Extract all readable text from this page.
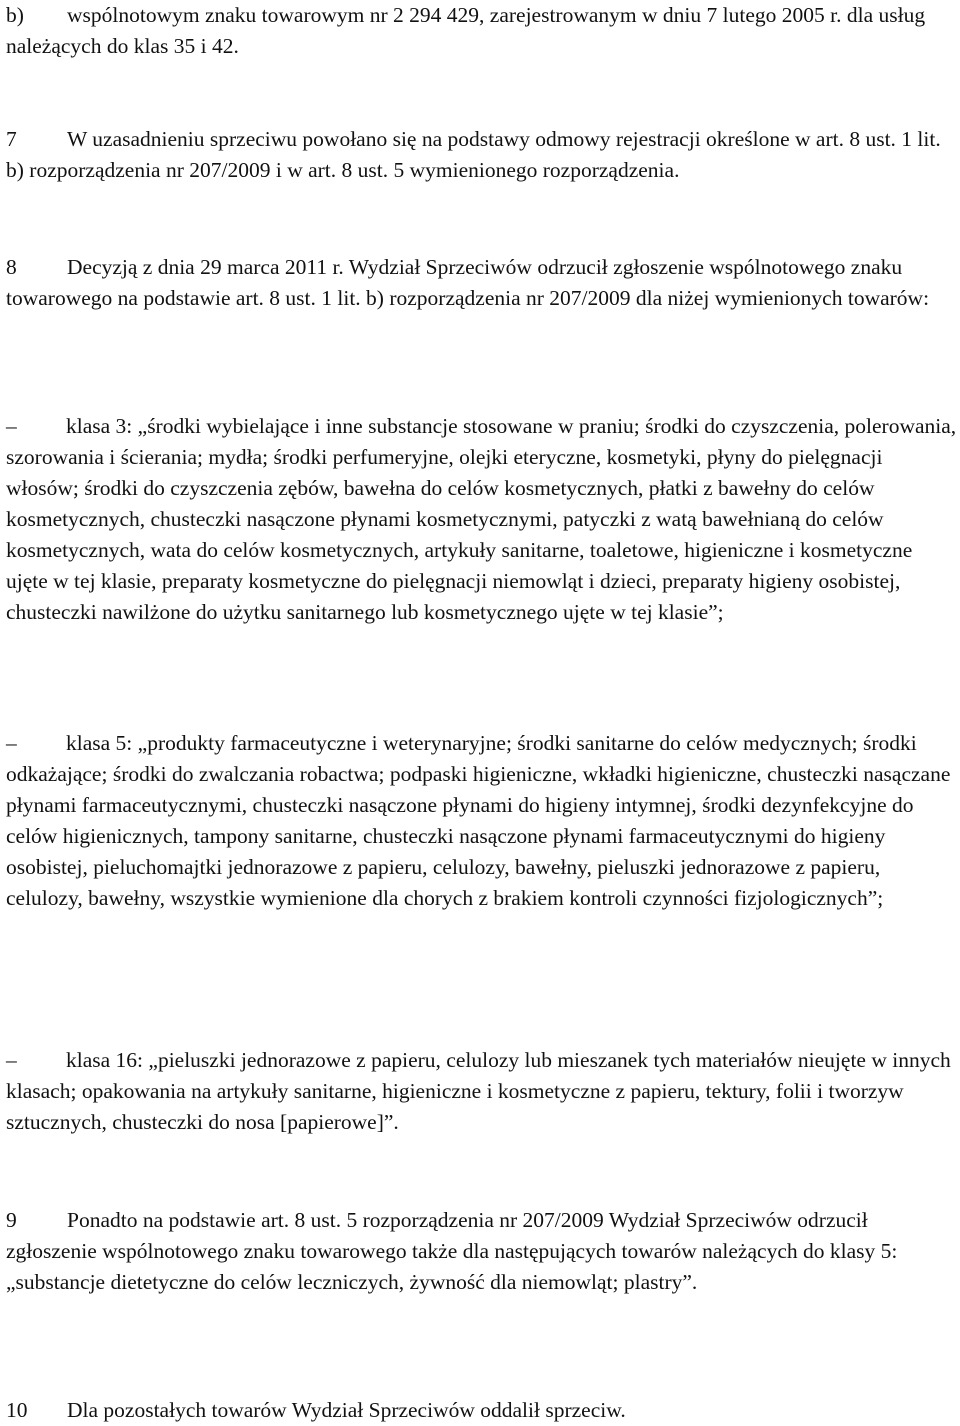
b) wspólnotowym znaku towarowym nr 2 294 429, zarejestrowanym w dniu 7 lutego 2005 r. dla usług należących do klas 35 i 42.

7 W uzasadnieniu sprzeciwu powołano się na podstawy odmowy rejestracji określone w art. 8 ust. 1 lit. b) rozporządzenia nr 207/2009 i w art. 8 ust. 5 wymienionego rozporządzenia.

8 Decyzją z dnia 29 marca 2011 r. Wydział Sprzeciwów odrzucił zgłoszenie wspólnotowego znaku towarowego na podstawie art. 8 ust. 1 lit. b) rozporządzenia nr 207/2009 dla niżej wymienionych towarów:

– klasa 3: „środki wybielające i inne substancje stosowane w praniu; środki do czyszczenia, polerowania, szorowania i ścierania; mydła; środki perfumeryjne, olejki eteryczne, kosmetyki, płyny do pielęgnacji włosów; środki do czyszczenia zębów, bawełna do celów kosmetycznych, płatki z bawełny do celów kosmetycznych, chusteczki nasączone płynami kosmetycznymi, patyczki z watą bawełnianą do celów kosmetycznych, wata do celów kosmetycznych, artykuły sanitarne, toaletowe, higieniczne i kosmetyczne ujęte w tej klasie, preparaty kosmetyczne do pielęgnacji niemowląt i dzieci, preparaty higieny osobistej, chusteczki nawilżone do użytku sanitarnego lub kosmetycznego ujęte w tej klasie”;

– klasa 5: „produkty farmaceutyczne i weterynaryjne; środki sanitarne do celów medycznych; środki odkażające; środki do zwalczania robactwa; podpaski higieniczne, wkładki higieniczne, chusteczki nasączane płynami farmaceutycznymi, chusteczki nasączone płynami do higieny intymnej, środki dezynfekcyjne do celów higienicznych, tampony sanitarne, chusteczki nasączone płynami farmaceutycznymi do higieny osobistej, pieluchomajtki jednorazowe z papieru, celulozy, bawełny, pieluszki jednorazowe z papieru, celulozy, bawełny, wszystkie wymienione dla chorych z brakiem kontroli czynności fizjologicznych”;

– klasa 16: „pieluszki jednorazowe z papieru, celulozy lub mieszanek tych materiałów nieujęte w innych klasach; opakowania na artykuły sanitarne, higieniczne i kosmetyczne z papieru, tektury, folii i tworzyw sztucznych, chusteczki do nosa [papierowe]”.

9 Ponadto na podstawie art. 8 ust. 5 rozporządzenia nr 207/2009 Wydział Sprzeciwów odrzucił zgłoszenie wspólnotowego znaku towarowego także dla następujących towarów należących do klasy 5: „substancje dietetyczne do celów leczniczych, żywność dla niemowląt; plastry”.

10 Dla pozostałych towarów Wydział Sprzeciwów oddalił sprzeciw.
